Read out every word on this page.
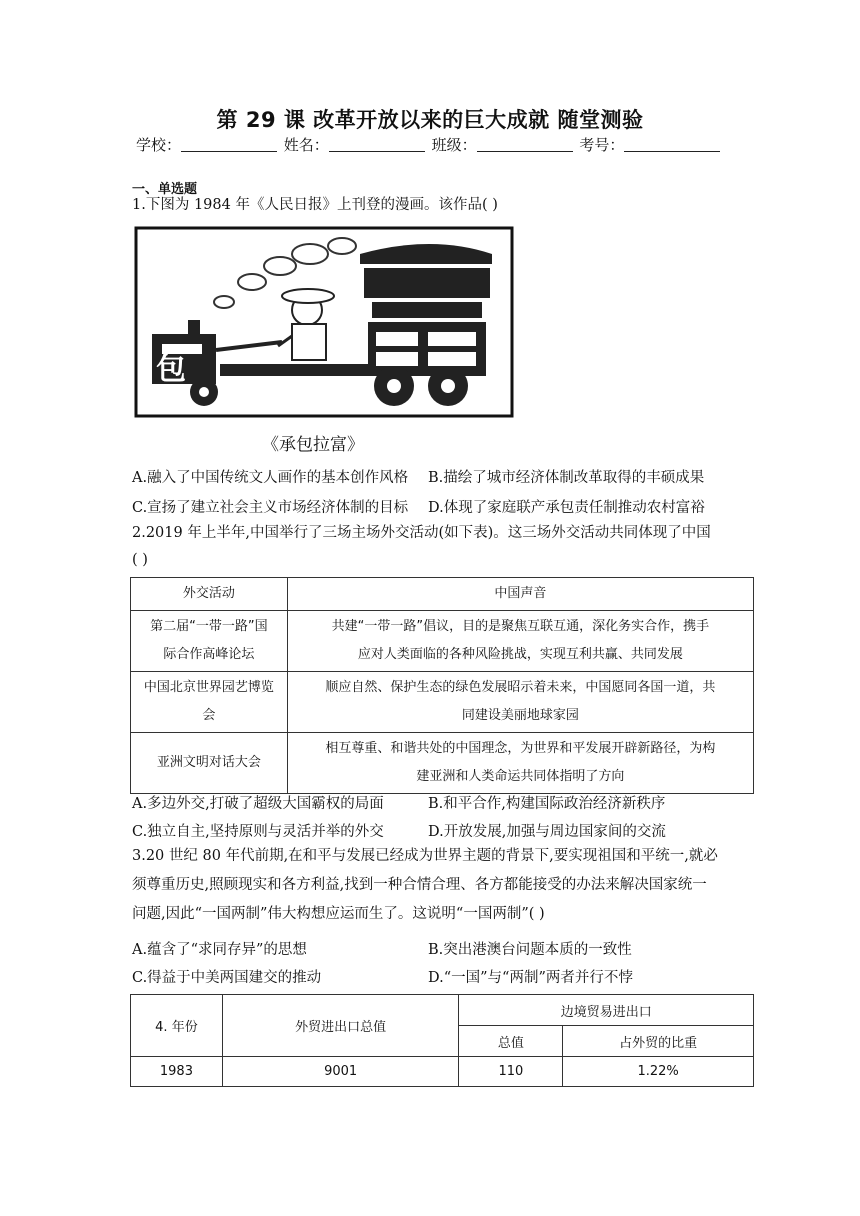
第 29 课 改革开放以来的巨大成就 随堂测验
学校：	姓名：	班级：	考号：
一、单选题
1.下图为 1984 年《人民日报》上刊登的漫画。该作品( )
包
《承包拉富》
A.融入了中国传统文人画作的基本创作风格 B.描绘了城市经济体制改革取得的丰硕成果
C.宣扬了建立社会主义市场经济体制的目标 D.体现了家庭联产承包责任制推动农村富裕
2.2019 年上半年,中国举行了三场主场外交活动(如下表)。这三场外交活动共同体现了中国
( )
外交活动	中国声音
第二届“一带一路”国
际合作高峰论坛	共建“一带一路”倡议，目的是聚焦互联互通，深化务实合作，携手
应对人类面临的各种风险挑战，实现互利共赢、共同发展
中国北京世界园艺博览
会	顺应自然、保护生态的绿色发展昭示着未来，中国愿同各国一道，共
同建设美丽地球家园
亚洲文明对话大会	相互尊重、和谐共处的中国理念，为世界和平发展开辟新路径，为构
建亚洲和人类命运共同体指明了方向
A.多边外交,打破了超级大国霸权的局面	B.和平合作,构建国际政治经济新秩序
C.独立自主,坚持原则与灵活并举的外交	D.开放发展,加强与周边国家间的交流
3.20 世纪 80 年代前期,在和平与发展已经成为世界主题的背景下,要实现祖国和平统一,就必
须尊重历史,照顾现实和各方利益,找到一种合情合理、各方都能接受的办法来解决国家统一
问题,因此“一国两制”伟大构想应运而生了。这说明“一国两制”( )
A.蕴含了“求同存异”的思想	B.突出港澳台问题本质的一致性
C.得益于中美两国建交的推动	D.“一国”与“两制”两者并行不悖
4. 年份	外贸进出口总值	边境贸易进出口	
		总值	占外贸的比重
1983	9001	110	1.22%
